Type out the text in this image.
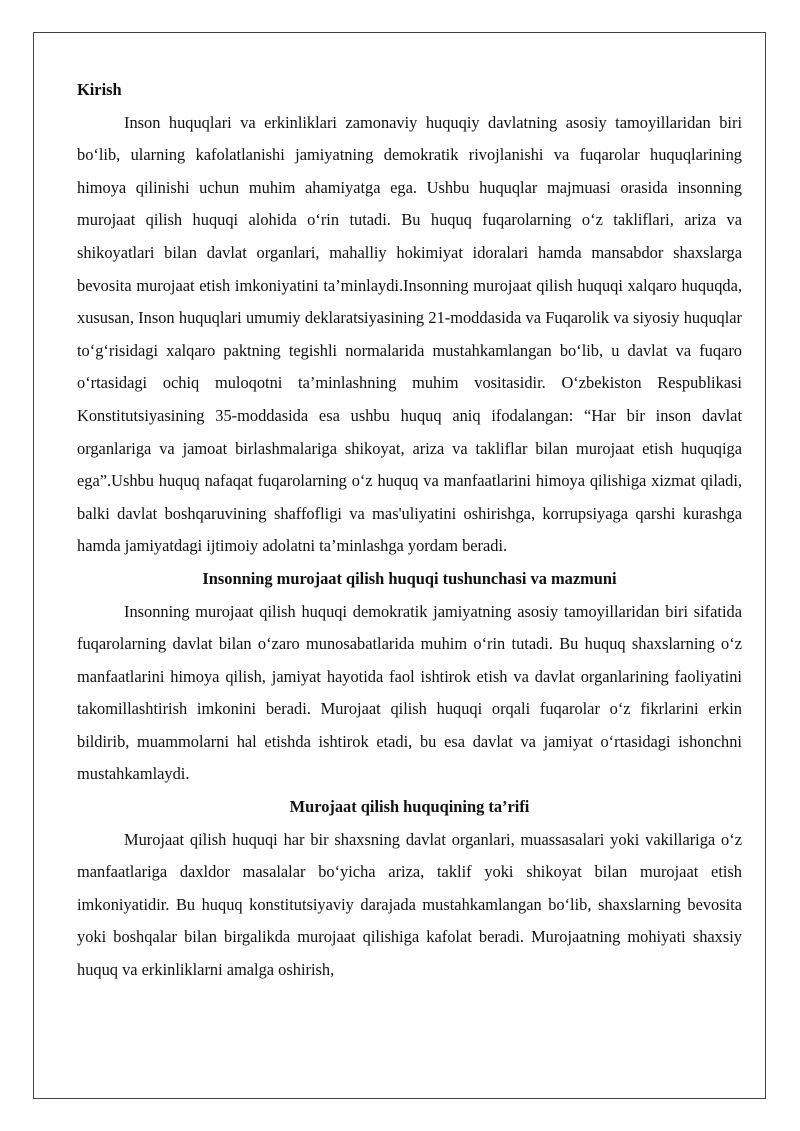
Kirish

Inson huquqlari va erkinliklari zamonaviy huquqiy davlatning asosiy tamoyillaridan biri bo‘lib, ularning kafolatlanishi jamiyatning demokratik rivojlanishi va fuqarolar huquqlarining himoya qilinishi uchun muhim ahamiyatga ega. Ushbu huquqlar majmuasi orasida insonning murojaat qilish huquqi alohida o‘rin tutadi. Bu huquq fuqarolarning o‘z takliflari, ariza va shikoyatlari bilan davlat organlari, mahalliy hokimiyat idoralari hamda mansabdor shaxslarga bevosita murojaat etish imkoniyatini ta’minlaydi.Insonning murojaat qilish huquqi xalqaro huquqda, xususan, Inson huquqlari umumiy deklaratsiyasining 21-moddasida va Fuqarolik va siyosiy huquqlar to‘g‘risidagi xalqaro paktning tegishli normalarida mustahkamlangan bo‘lib, u davlat va fuqaro o‘rtasidagi ochiq muloqotni ta’minlashning muhim vositasidir. O‘zbekiston Respublikasi Konstitutsiyasining 35-moddasida esa ushbu huquq aniq ifodalangan: “Har bir inson davlat organlariga va jamoat birlashmalariga shikoyat, ariza va takliflar bilan murojaat etish huquqiga ega”.Ushbu huquq nafaqat fuqarolarning o‘z huquq va manfaatlarini himoya qilishiga xizmat qiladi, balki davlat boshqaruvining shaffofligi va mas'uliyatini oshirishga, korrupsiyaga qarshi kurashga hamda jamiyatdagi ijtimoiy adolatni ta’minlashga yordam beradi.

Insonning murojaat qilish huquqi tushunchasi va mazmuni

Insonning murojaat qilish huquqi demokratik jamiyatning asosiy tamoyillaridan biri sifatida fuqarolarning davlat bilan o‘zaro munosabatlarida muhim o‘rin tutadi. Bu huquq shaxslarning o‘z manfaatlarini himoya qilish, jamiyat hayotida faol ishtirok etish va davlat organlarining faoliyatini takomillashtirish imkonini beradi. Murojaat qilish huquqi orqali fuqarolar o‘z fikrlarini erkin bildirib, muammolarni hal etishda ishtirok etadi, bu esa davlat va jamiyat o‘rtasidagi ishonchni mustahkamlaydi.

Murojaat qilish huquqining ta’rifi

Murojaat qilish huquqi har bir shaxsning davlat organlari, muassasalari yoki vakillariga o‘z manfaatlariga daxldor masalalar bo‘yicha ariza, taklif yoki shikoyat bilan murojaat etish imkoniyatidir. Bu huquq konstitutsiyaviy darajada mustahkamlangan bo‘lib, shaxslarning bevosita yoki boshqalar bilan birgalikda murojaat qilishiga kafolat beradi. Murojaatning mohiyati shaxsiy huquq va erkinliklarni amalga oshirish,
